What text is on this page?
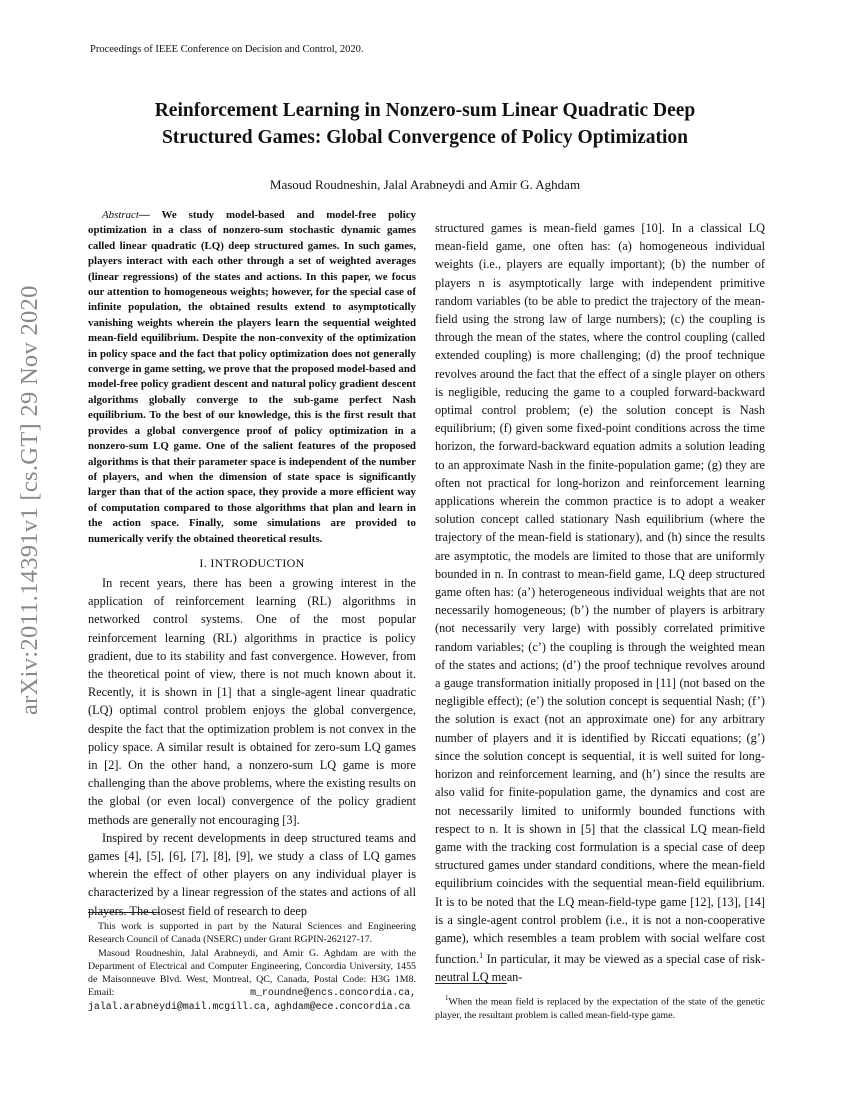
Proceedings of IEEE Conference on Decision and Control, 2020.
Reinforcement Learning in Nonzero-sum Linear Quadratic Deep
Structured Games: Global Convergence of Policy Optimization
Masoud Roudneshin, Jalal Arabneydi and Amir G. Aghdam
arXiv:2011.14391v1 [cs.GT] 29 Nov 2020

Abstract— We study model-based and model-free policy optimization in a class of nonzero-sum stochastic dynamic games called linear quadratic (LQ) deep structured games. In such games, players interact with each other through a set of weighted averages (linear regressions) of the states and actions. In this paper, we focus our attention to homogeneous weights; however, for the special case of infinite population, the obtained results extend to asymptotically vanishing weights wherein the players learn the sequential weighted mean-field equilibrium. Despite the non-convexity of the optimization in policy space and the fact that policy optimization does not generally converge in game setting, we prove that the proposed model-based and model-free policy gradient descent and natural policy gradient descent algorithms globally converge to the sub-game perfect Nash equilibrium. To the best of our knowledge, this is the first result that provides a global convergence proof of policy optimization in a nonzero-sum LQ game. One of the salient features of the proposed algorithms is that their parameter space is independent of the number of players, and when the dimension of state space is significantly larger than that of the action space, they provide a more efficient way of computation compared to those algorithms that plan and learn in the action space. Finally, some simulations are provided to numerically verify the obtained theoretical results.

I. INTRODUCTION

In recent years, there has been a growing interest in the application of reinforcement learning (RL) algorithms in networked control systems. One of the most popular reinforcement learning (RL) algorithms in practice is policy gradient, due to its stability and fast convergence. However, from the theoretical point of view, there is not much known about it. Recently, it is shown in [1] that a single-agent linear quadratic (LQ) optimal control problem enjoys the global convergence, despite the fact that the optimization problem is not convex in the policy space. A similar result is obtained for zero-sum LQ games in [2]. On the other hand, a nonzero-sum LQ game is more challenging than the above problems, where the existing results on the global (or even local) convergence of the policy gradient methods are generally not encouraging [3].

Inspired by recent developments in deep structured teams and games [4], [5], [6], [7], [8], [9], we study a class of LQ games wherein the effect of other players on any individual player is characterized by a linear regression of the states and actions of all players. The closest field of research to deep

This work is supported in part by the Natural Sciences and Engineering Research Council of Canada (NSERC) under Grant RGPIN-262127-17.

Masoud Roudneshin, Jalal Arabneydi, and Amir G. Aghdam are with the Department of Electrical and Computer Engineering, Concordia University, 1455 de Maisonneuve Blvd. West, Montreal, QC, Canada, Postal Code: H3G 1M8. Email:	m_roundne@encs.concordia.ca, jalal.arabneydi@mail.mcgill.ca, aghdam@ece.concordia.ca

structured games is mean-field games [10]. In a classical LQ mean-field game, one often has: (a) homogeneous individual weights (i.e., players are equally important); (b) the number of players n is asymptotically large with independent primitive random variables (to be able to predict the trajectory of the mean-field using the strong law of large numbers); (c) the coupling is through the mean of the states, where the control coupling (called extended coupling) is more challenging; (d) the proof technique revolves around the fact that the effect of a single player on others is negligible, reducing the game to a coupled forward-backward optimal control problem; (e) the solution concept is Nash equilibrium; (f) given some fixed-point conditions across the time horizon, the forward-backward equation admits a solution leading to an approximate Nash in the finite-population game; (g) they are often not practical for long-horizon and reinforcement learning applications wherein the common practice is to adopt a weaker solution concept called stationary Nash equilibrium (where the trajectory of the mean-field is stationary), and (h) since the results are asymptotic, the models are limited to those that are uniformly bounded in n. In contrast to mean-field game, LQ deep structured game often has: (a’) heterogeneous individual weights that are not necessarily homogeneous; (b’) the number of players is arbitrary (not necessarily very large) with possibly correlated primitive random variables; (c’) the coupling is through the weighted mean of the states and actions; (d’) the proof technique revolves around a gauge transformation initially proposed in [11] (not based on the negligible effect); (e’) the solution concept is sequential Nash; (f’) the solution is exact (not an approximate one) for any arbitrary number of players and it is identified by Riccati equations; (g’) since the solution concept is sequential, it is well suited for long-horizon and reinforcement learning, and (h’) since the results are also valid for finite-population game, the dynamics and cost are not necessarily limited to uniformly bounded functions with respect to n. It is shown in [5] that the classical LQ mean-field game with the tracking cost formulation is a special case of deep structured games under standard conditions, where the mean-field equilibrium coincides with the sequential mean-field equilibrium. It is to be noted that the LQ mean-field-type game [12], [13], [14] is a single-agent control problem (i.e., it is not a non-cooperative game), which resembles a team problem with social welfare cost function.$^1$ In particular, it may be viewed as a special case of risk-neutral LQ mean-

$^1$When the mean field is replaced by the expectation of the state of the genetic player, the resultant problem is called mean-field-type game.
